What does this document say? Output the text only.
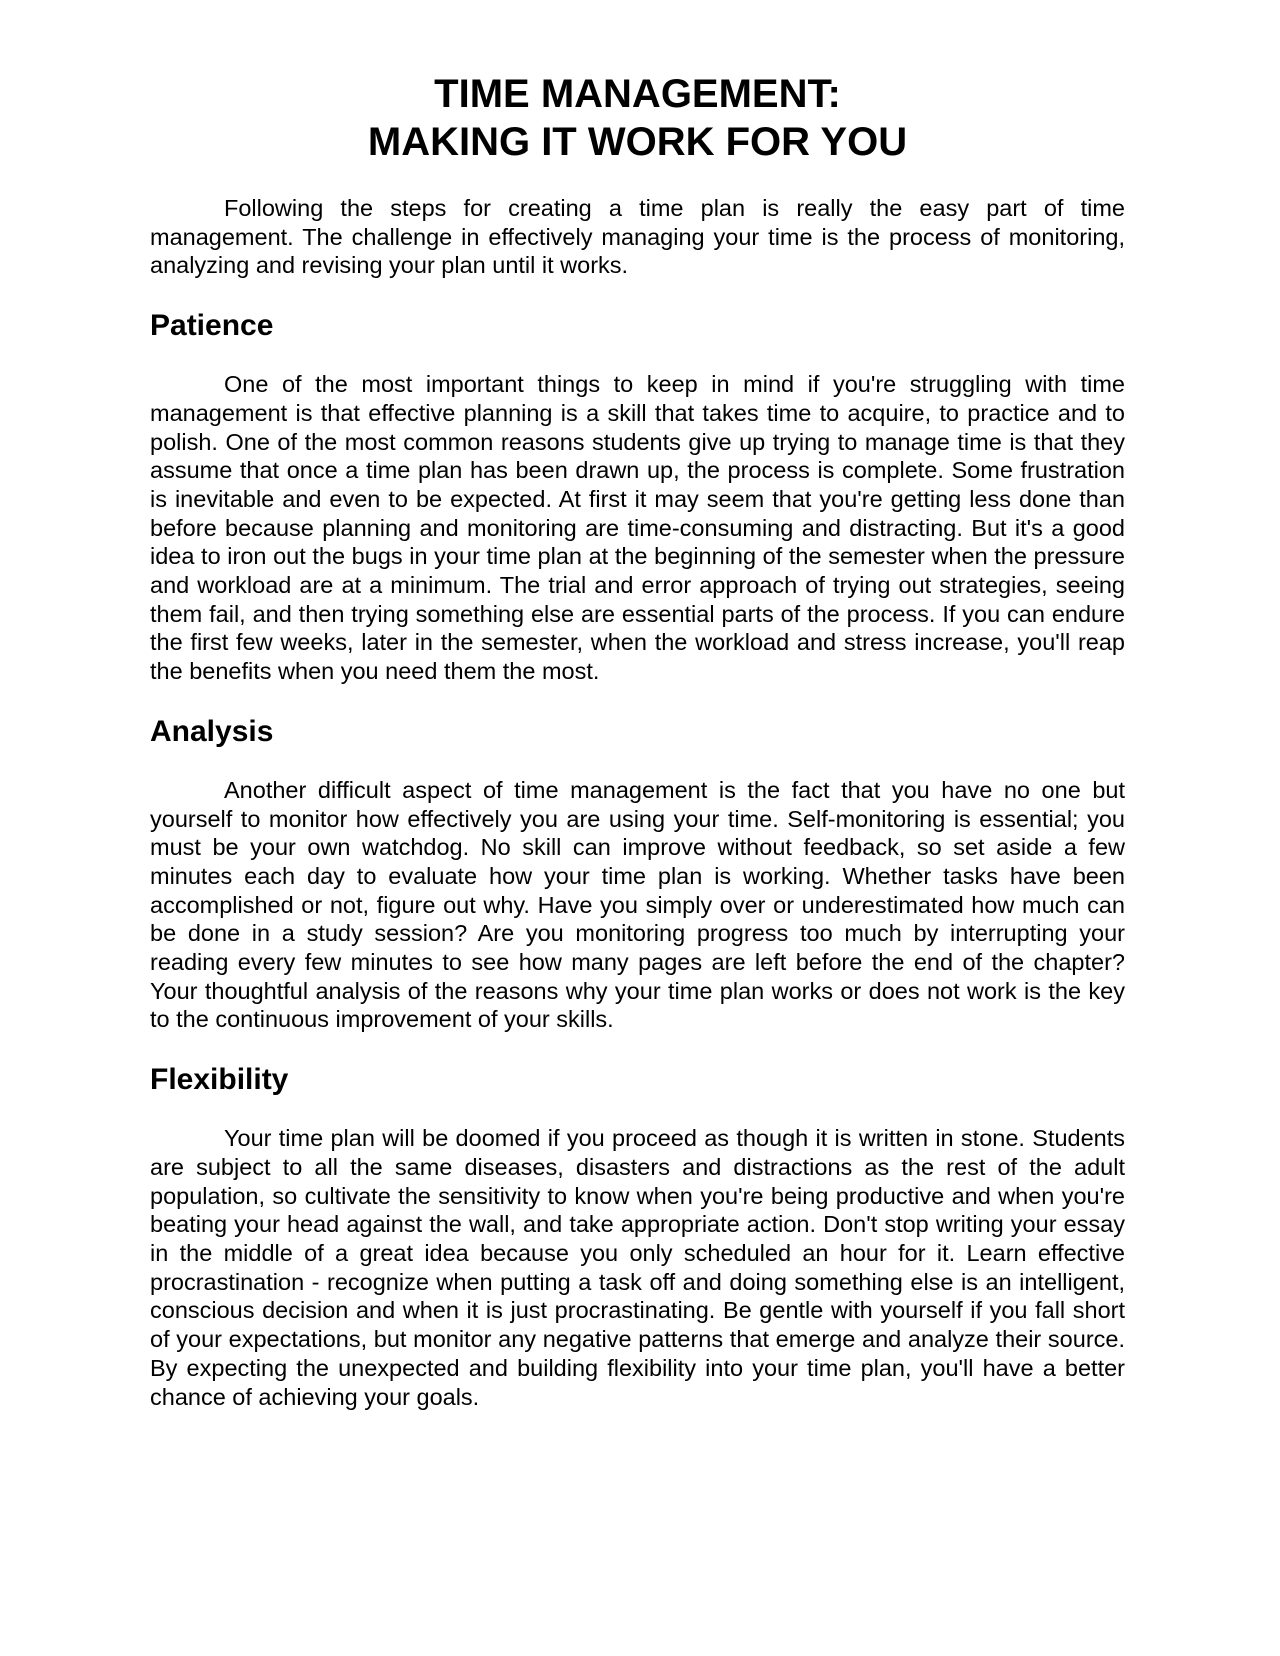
TIME MANAGEMENT:
MAKING IT WORK FOR YOU

Following the steps for creating a time plan is really the easy part of time management. The challenge in effectively managing your time is the process of monitoring, analyzing and revising your plan until it works.

Patience

One of the most important things to keep in mind if you're struggling with time management is that effective planning is a skill that takes time to acquire, to practice and to polish. One of the most common reasons students give up trying to manage time is that they assume that once a time plan has been drawn up, the process is complete. Some frustration is inevitable and even to be expected. At first it may seem that you're getting less done than before because planning and monitoring are time-consuming and distracting. But it's a good idea to iron out the bugs in your time plan at the beginning of the semester when the pressure and workload are at a minimum. The trial and error approach of trying out strategies, seeing them fail, and then trying something else are essential parts of the process. If you can endure the first few weeks, later in the semester, when the workload and stress increase, you'll reap the benefits when you need them the most.

Analysis

Another difficult aspect of time management is the fact that you have no one but yourself to monitor how effectively you are using your time. Self-monitoring is essential; you must be your own watchdog. No skill can improve without feedback, so set aside a few minutes each day to evaluate how your time plan is working. Whether tasks have been accomplished or not, figure out why. Have you simply over or underestimated how much can be done in a study session? Are you monitoring progress too much by interrupting your reading every few minutes to see how many pages are left before the end of the chapter? Your thoughtful analysis of the reasons why your time plan works or does not work is the key to the continuous improvement of your skills.

Flexibility

Your time plan will be doomed if you proceed as though it is written in stone. Students are subject to all the same diseases, disasters and distractions as the rest of the adult population, so cultivate the sensitivity to know when you're being productive and when you're beating your head against the wall, and take appropriate action. Don't stop writing your essay in the middle of a great idea because you only scheduled an hour for it. Learn effective procrastination - recognize when putting a task off and doing something else is an intelligent, conscious decision and when it is just procrastinating. Be gentle with yourself if you fall short of your expectations, but monitor any negative patterns that emerge and analyze their source. By expecting the unexpected and building flexibility into your time plan, you'll have a better chance of achieving your goals.
